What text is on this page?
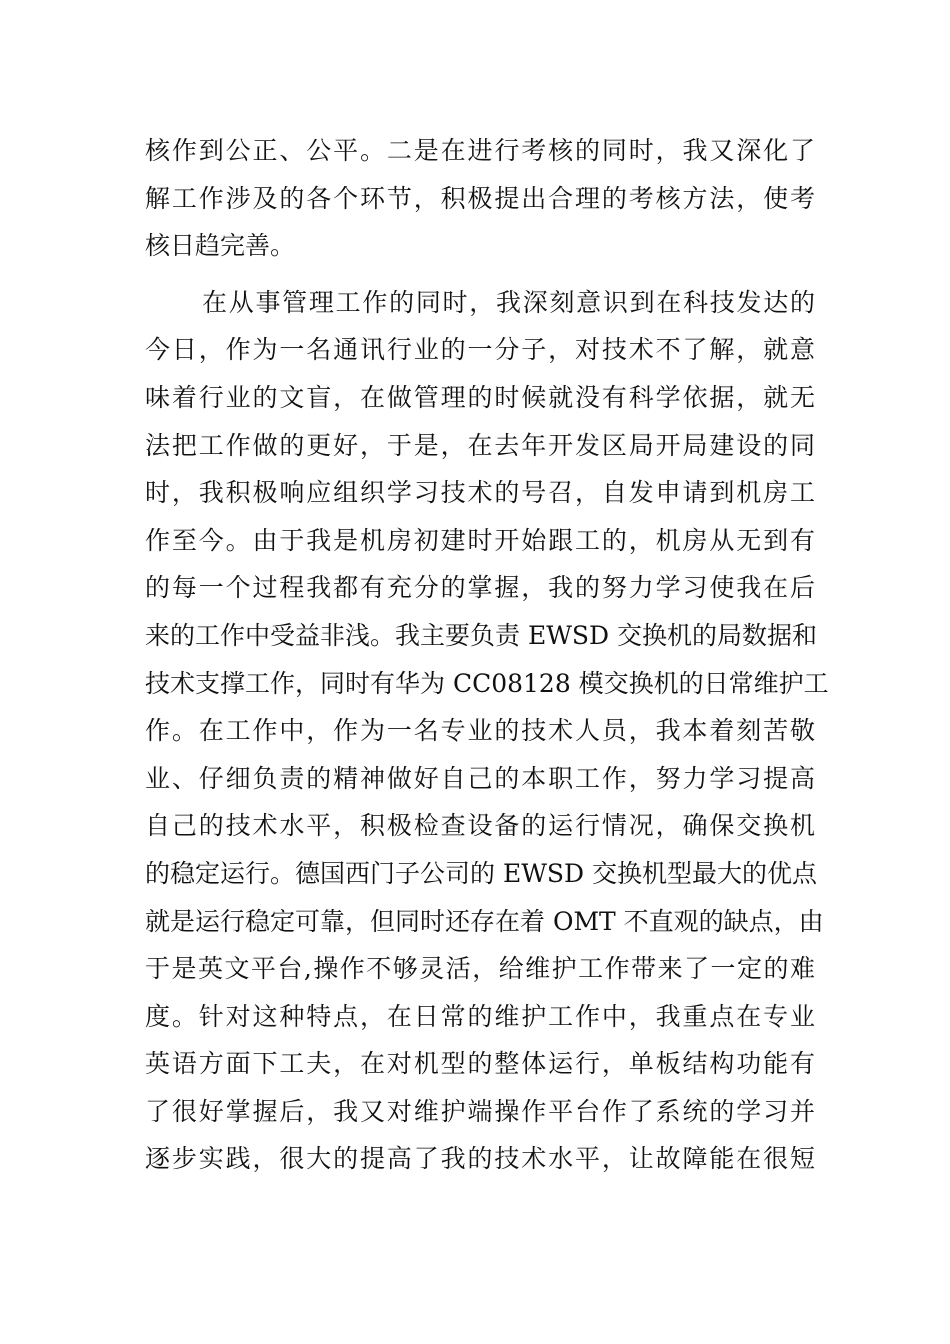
核作到公正、公平。二是在进行考核的同时，我又深化了
解工作涉及的各个环节，积极提出合理的考核方法，使考
核日趋完善。
在从事管理工作的同时，我深刻意识到在科技发达的
今日，作为一名通讯行业的一分子，对技术不了解，就意
味着行业的文盲，在做管理的时候就没有科学依据，就无
法把工作做的更好，于是，在去年开发区局开局建设的同
时，我积极响应组织学习技术的号召，自发申请到机房工
作至今。由于我是机房初建时开始跟工的，机房从无到有
的每一个过程我都有充分的掌握，我的努力学习使我在后
来的工作中受益非浅。我主要负责 EWSD 交换机的局数据和
技术支撑工作，同时有华为 CC08128 模交换机的日常维护工
作。在工作中，作为一名专业的技术人员，我本着刻苦敬
业、仔细负责的精神做好自己的本职工作，努力学习提高
自己的技术水平，积极检查设备的运行情况，确保交换机
的稳定运行。德国西门子公司的 EWSD 交换机型最大的优点
就是运行稳定可靠，但同时还存在着 OMT 不直观的缺点，由
于是英文平台,操作不够灵活，给维护工作带来了一定的难
度。针对这种特点，在日常的维护工作中，我重点在专业
英语方面下工夫，在对机型的整体运行，单板结构功能有
了很好掌握后，我又对维护端操作平台作了系统的学习并
逐步实践，很大的提高了我的技术水平，让故障能在很短
